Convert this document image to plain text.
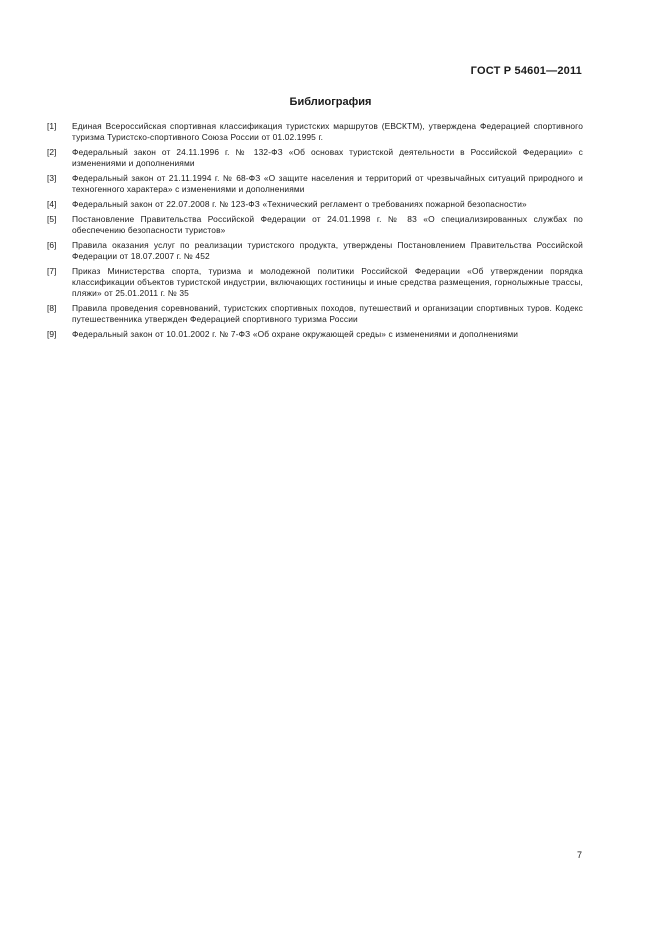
ГОСТ Р 54601—2011
Библиография
[1]	Единая Всероссийская спортивная классификация туристских маршрутов (ЕВСКТМ), утверждена Федерацией спортивного туризма Туристско-спортивного Союза России от 01.02.1995 г.
[2]	Федеральный закон от 24.11.1996 г. № 132-ФЗ «Об основах туристской деятельности в Российской Федерации» с изменениями и дополнениями
[3]	Федеральный закон от 21.11.1994 г. № 68-ФЗ «О защите населения и территорий от чрезвычайных ситуаций природного и техногенного характера» с изменениями и дополнениями
[4]	Федеральный закон от 22.07.2008 г. № 123-ФЗ «Технический регламент о требованиях пожарной безопасности»
[5]	Постановление Правительства Российской Федерации от 24.01.1998 г. № 83 «О специализированных службах по обеспечению безопасности туристов»
[6]	Правила оказания услуг по реализации туристского продукта, утверждены Постановлением Правительства Российской Федерации от 18.07.2007 г. № 452
[7]	Приказ Министерства спорта, туризма и молодежной политики Российской Федерации «Об утверждении порядка классификации объектов туристской индустрии, включающих гостиницы и иные средства размещения, горнолыжные трассы, пляжи» от 25.01.2011 г. № 35
[8]	Правила проведения соревнований, туристских спортивных походов, путешествий и организации спортивных туров. Кодекс путешественника утвержден Федерацией спортивного туризма России
[9]	Федеральный закон от 10.01.2002 г. № 7-ФЗ «Об охране окружающей среды» с изменениями и дополнениями
7
